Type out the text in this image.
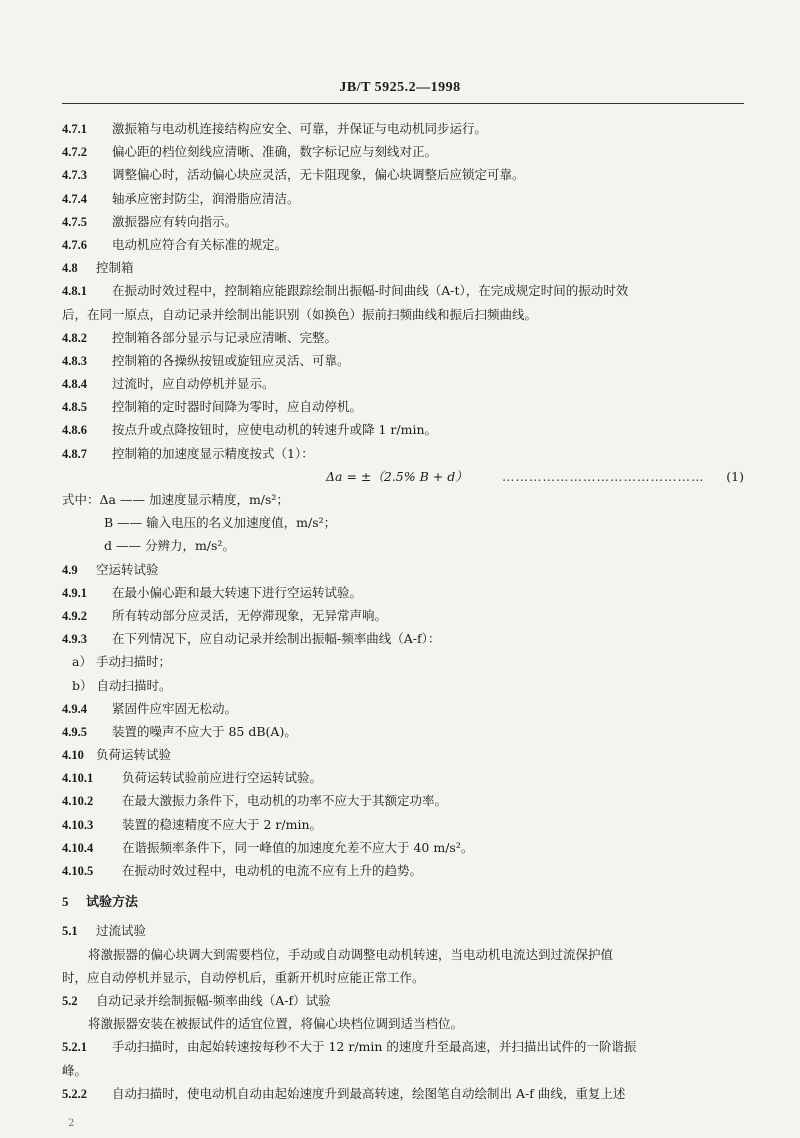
JB/T 5925.2—1998
4.7.1 激振箱与电动机连接结构应安全、可靠，并保证与电动机同步运行。
4.7.2 偏心距的档位刻线应清晰、准确，数字标记应与刻线对正。
4.7.3 调整偏心时，活动偏心块应灵活，无卡阻现象，偏心块调整后应锁定可靠。
4.7.4 轴承应密封防尘，润滑脂应清洁。
4.7.5 激振器应有转向指示。
4.7.6 电动机应符合有关标准的规定。
4.8 控制箱
4.8.1 在振动时效过程中，控制箱应能跟踪绘制出振幅-时间曲线（A-t），在完成规定时间的振动时效
后，在同一原点，自动记录并绘制出能识别（如换色）振前扫频曲线和振后扫频曲线。
4.8.2 控制箱各部分显示与记录应清晰、完整。
4.8.3 控制箱的各操纵按钮或旋钮应灵活、可靠。
4.8.4 过流时，应自动停机并显示。
4.8.5 控制箱的定时器时间降为零时，应自动停机。
4.8.6 按点升或点降按钮时，应使电动机的转速升或降 1 r/min。
4.8.7 控制箱的加速度显示精度按式（1）：
Δa = ±（2.5% B + d）	……………………………………… (1)
式中：Δa —— 加速度显示精度，m/s²；
B —— 输入电压的名义加速度值，m/s²；
d —— 分辨力，m/s²。
4.9 空运转试验
4.9.1 在最小偏心距和最大转速下进行空运转试验。
4.9.2 所有转动部分应灵活，无停滞现象，无异常声响。
4.9.3 在下列情况下，应自动记录并绘制出振幅-频率曲线（A-f）：
a） 手动扫描时；
b） 自动扫描时。
4.9.4 紧固件应牢固无松动。
4.9.5 装置的噪声不应大于 85 dB(A)。
4.10 负荷运转试验
4.10.1 负荷运转试验前应进行空运转试验。
4.10.2 在最大激振力条件下，电动机的功率不应大于其额定功率。
4.10.3 装置的稳速精度不应大于 2 r/min。
4.10.4 在谐振频率条件下，同一峰值的加速度允差不应大于 40 m/s²。
4.10.5 在振动时效过程中，电动机的电流不应有上升的趋势。
5 试验方法
5.1 过流试验
将激振器的偏心块调大到需要档位，手动或自动调整电动机转速，当电动机电流达到过流保护值
时，应自动停机并显示，自动停机后，重新开机时应能正常工作。
5.2 自动记录并绘制振幅-频率曲线（A-f）试验
将激振器安装在被振试件的适宜位置，将偏心块档位调到适当档位。
5.2.1 手动扫描时，由起始转速按每秒不大于 12 r/min 的速度升至最高速，并扫描出试件的一阶谐振
峰。
5.2.2 自动扫描时，使电动机自动由起始速度升到最高转速，绘图笔自动绘制出 A-f 曲线，重复上述
2
